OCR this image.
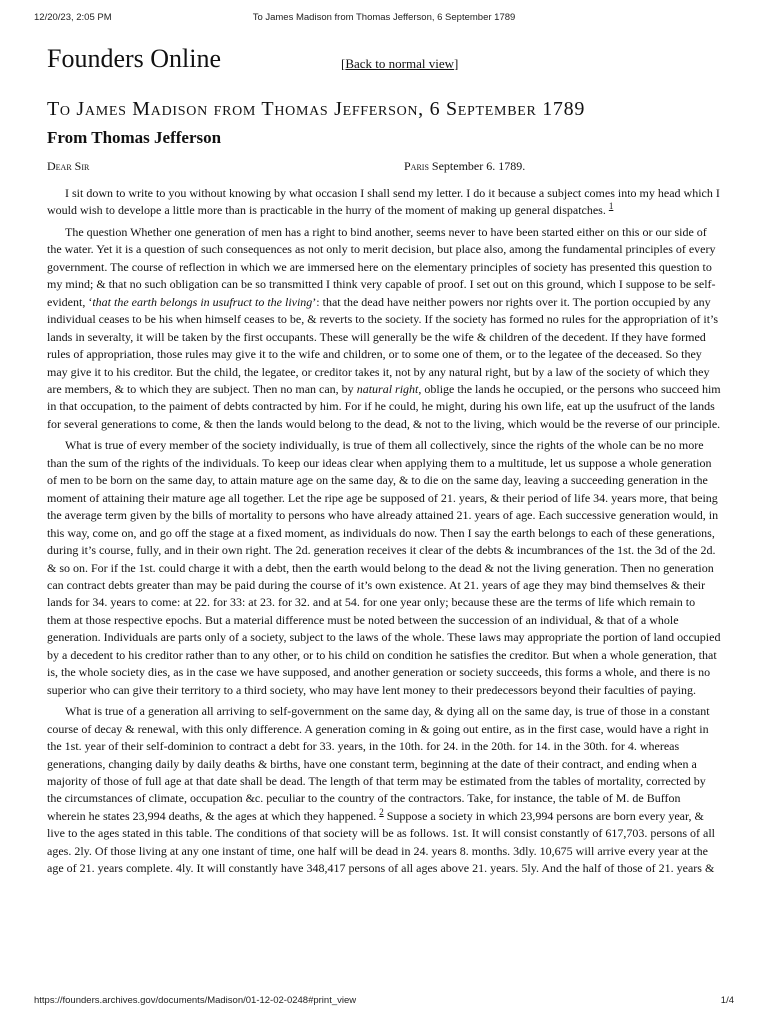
12/20/23, 2:05 PM	To James Madison from Thomas Jefferson, 6 September 1789
Founders Online	[Back to normal view]
To James Madison from Thomas Jefferson, 6 September 1789
From Thomas Jefferson
Dear Sir	Paris September 6. 1789.

I sit down to write to you without knowing by what occasion I shall send my letter. I do it because a subject comes into my head which I would wish to develope a little more than is practicable in the hurry of the moment of making up general dispatches. $^1$

The question Whether one generation of men has a right to bind another, seems never to have been started either on this or our side of the water. Yet it is a question of such consequences as not only to merit decision, but place also, among the fundamental principles of every government. The course of reflection in which we are immersed here on the elementary principles of society has presented this question to my mind; & that no such obligation can be so transmitted I think very capable of proof. I set out on this ground, which I suppose to be self-evident, ‘that the earth belongs in usufruct to the living’: that the dead have neither powers nor rights over it. The portion occupied by any individual ceases to be his when himself ceases to be, & reverts to the society. If the society has formed no rules for the appropriation of it’s lands in severalty, it will be taken by the first occupants. These will generally be the wife & children of the decedent. If they have formed rules of appropriation, those rules may give it to the wife and children, or to some one of them, or to the legatee of the deceased. So they may give it to his creditor. But the child, the legatee, or creditor takes it, not by any natural right, but by a law of the society of which they are members, & to which they are subject. Then no man can, by natural right, oblige the lands he occupied, or the persons who succeed him in that occupation, to the paiment of debts contracted by him. For if he could, he might, during his own life, eat up the usufruct of the lands for several generations to come, & then the lands would belong to the dead, & not to the living, which would be the reverse of our principle.

What is true of every member of the society individually, is true of them all collectively, since the rights of the whole can be no more than the sum of the rights of the individuals. To keep our ideas clear when applying them to a multitude, let us suppose a whole generation of men to be born on the same day, to attain mature age on the same day, & to die on the same day, leaving a succeeding generation in the moment of attaining their mature age all together. Let the ripe age be supposed of 21. years, & their period of life 34. years more, that being the average term given by the bills of mortality to persons who have already attained 21. years of age. Each successive generation would, in this way, come on, and go off the stage at a fixed moment, as individuals do now. Then I say the earth belongs to each of these generations, during it’s course, fully, and in their own right. The 2d. generation receives it clear of the debts & incumbrances of the 1st. the 3d of the 2d. & so on. For if the 1st. could charge it with a debt, then the earth would belong to the dead & not the living generation. Then no generation can contract debts greater than may be paid during the course of it’s own existence. At 21. years of age they may bind themselves & their lands for 34. years to come: at 22. for 33: at 23. for 32. and at 54. for one year only; because these are the terms of life which remain to them at those respective epochs. But a material difference must be noted between the succession of an individual, & that of a whole generation. Individuals are parts only of a society, subject to the laws of the whole. These laws may appropriate the portion of land occupied by a decedent to his creditor rather than to any other, or to his child on condition he satisfies the creditor. But when a whole generation, that is, the whole society dies, as in the case we have supposed, and another generation or society succeeds, this forms a whole, and there is no superior who can give their territory to a third society, who may have lent money to their predecessors beyond their faculties of paying.

What is true of a generation all arriving to self-government on the same day, & dying all on the same day, is true of those in a constant course of decay & renewal, with this only difference. A generation coming in & going out entire, as in the first case, would have a right in the 1st. year of their self-dominion to contract a debt for 33. years, in the 10th. for 24. in the 20th. for 14. in the 30th. for 4. whereas generations, changing daily by daily deaths & births, have one constant term, beginning at the date of their contract, and ending when a majority of those of full age at that date shall be dead. The length of that term may be estimated from the tables of mortality, corrected by the circumstances of climate, occupation &c. peculiar to the country of the contractors. Take, for instance, the table of M. de Buffon wherein he states 23,994 deaths, & the ages at which they happened. $^2$ Suppose a society in which 23,994 persons are born every year, & live to the ages stated in this table. The conditions of that society will be as follows. 1st. It will consist constantly of 617,703. persons of all ages. 2ly. Of those living at any one instant of time, one half will be dead in 24. years 8. months. 3dly. 10,675 will arrive every year at the age of 21. years complete. 4ly. It will constantly have 348,417 persons of all ages above 21. years. 5ly. And the half of those of 21. years &

https://founders.archives.gov/documents/Madison/01-12-02-0248#print_view	1/4
